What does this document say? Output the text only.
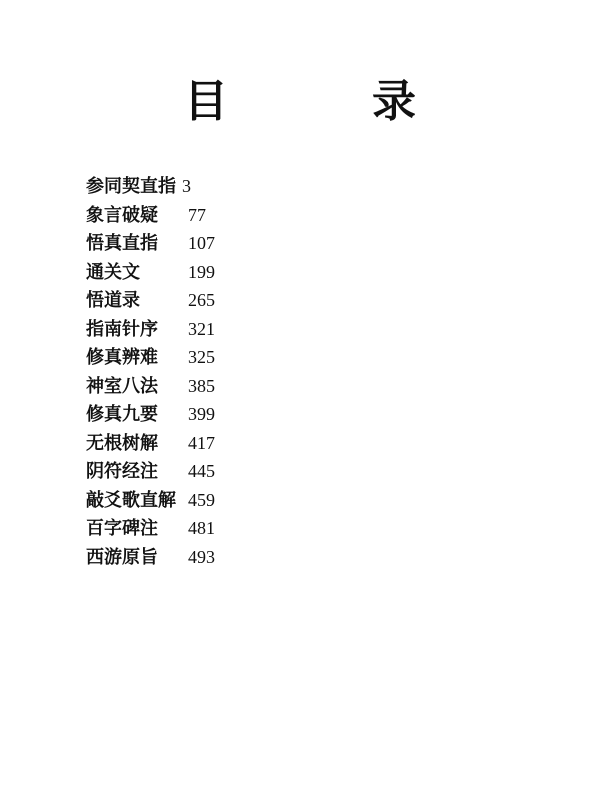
目　录
参同契直指 3
象言破疑	77
悟真直指	107
通关文	199
悟道录	265
指南针序	321
修真辨难	325
神室八法	385
修真九要	399
无根树解	417
阴符经注	445
敲爻歌直解 459
百字碑注	481
西游原旨	493
